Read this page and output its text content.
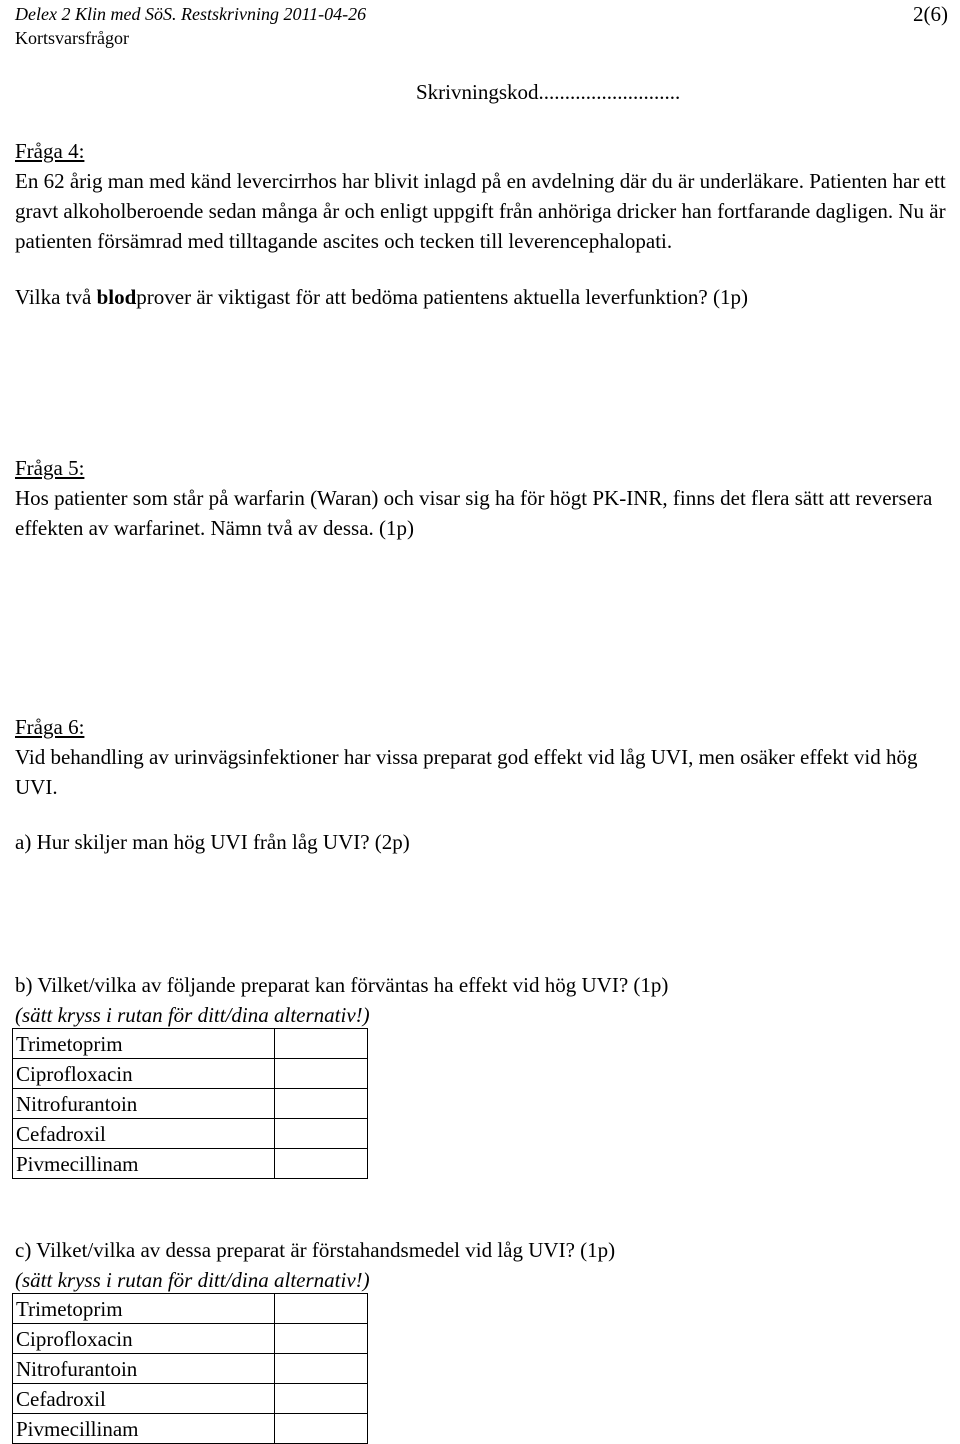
Delex 2 Klin med SöS. Restskrivning 2011-04-26
Kortsvarsfrågor
2(6)
Skrivningskod...........................
Fråga 4:
En 62 årig man med känd levercirrhos har blivit inlagd på en avdelning där du är underläkare. Patienten har ett gravt alkoholberoende sedan många år och enligt uppgift från anhöriga dricker han fortfarande dagligen. Nu är patienten försämrad med tilltagande ascites och tecken till leverencephalopati.
Vilka två blodprover är viktigast för att bedöma patientens aktuella leverfunktion? (1p)
Fråga 5:
Hos patienter som står på warfarin (Waran) och visar sig ha för högt PK-INR, finns det flera sätt att reversera effekten av warfarinet. Nämn två av dessa. (1p)
Fråga 6:
Vid behandling av urinvägsinfektioner har vissa preparat god effekt vid låg UVI, men osäker effekt vid hög UVI.
a) Hur skiljer man hög UVI från låg UVI? (2p)
b) Vilket/vilka av följande preparat kan förväntas ha effekt vid hög UVI? (1p)
(sätt kryss i rutan för ditt/dina alternativ!)
Trimetoprim	
Ciprofloxacin	
Nitrofurantoin	
Cefadroxil	
Pivmecillinam	
c) Vilket/vilka av dessa preparat är förstahandsmedel vid låg UVI? (1p)
(sätt kryss i rutan för ditt/dina alternativ!)
Trimetoprim	
Ciprofloxacin	
Nitrofurantoin	
Cefadroxil	
Pivmecillinam	
